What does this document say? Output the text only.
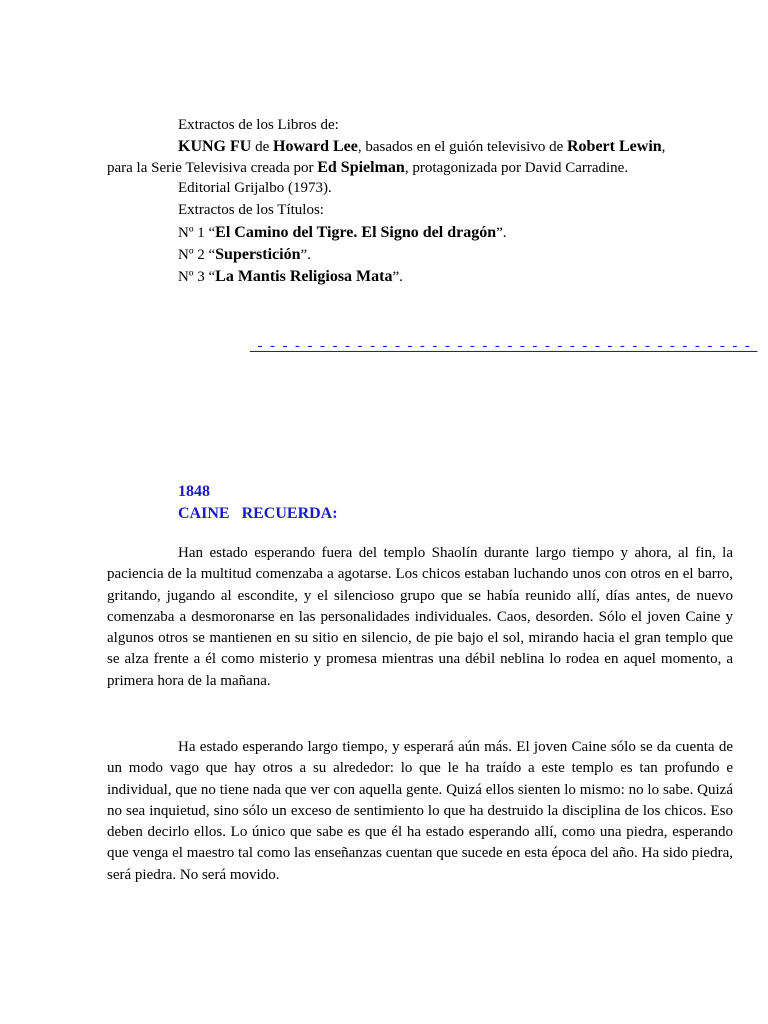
Extractos de los Libros de:
KUNG FU de Howard Lee, basados en el guión televisivo de Robert Lewin,
para la Serie Televisiva creada por Ed Spielman, protagonizada por David Carradine.
Editorial Grijalbo (1973).
Extractos de los Títulos:
Nº 1 “El Camino del Tigre. El Signo del dragón”.
Nº 2 “Superstición”.
Nº 3 “La Mantis Religiosa Mata”.
_-_-_-_-_-_-_-_-_-_-_-_-_-_-_-_-_-_-_-_-_-_-_-_-_-_-_-_-_-_-_-_-_-_-_-_-_-_-_-_-_
1848
CAINE   RECUERDA:
Han estado esperando fuera del templo Shaolín durante largo tiempo y ahora, al fin, la paciencia de la multitud comenzaba a agotarse. Los chicos estaban luchando unos con otros en el barro, gritando, jugando al escondite, y el silencioso grupo que se había reunido allí, días antes, de nuevo comenzaba a desmoronarse en las personalidades individuales. Caos, desorden. Sólo el joven Caine y algunos otros se mantienen en su sitio en silencio, de pie bajo el sol, mirando hacia el gran templo que se alza frente a él como misterio y promesa mientras una débil neblina lo rodea en aquel momento, a primera hora de la mañana.
Ha estado esperando largo tiempo, y esperará aún más. El joven Caine sólo se da cuenta de un modo vago que hay otros a su alrededor: lo que le ha traído a este templo es tan profundo e individual, que no tiene nada que ver con aquella gente. Quizá ellos sienten lo mismo: no lo sabe. Quizá no sea inquietud, sino sólo un exceso de sentimiento lo que ha destruido la disciplina de los chicos. Eso deben decirlo ellos. Lo único que sabe es que él ha estado esperando allí, como una piedra, esperando que venga el maestro tal como las enseñanzas cuentan que sucede en esta época del año. Ha sido piedra, será piedra. No será movido.
